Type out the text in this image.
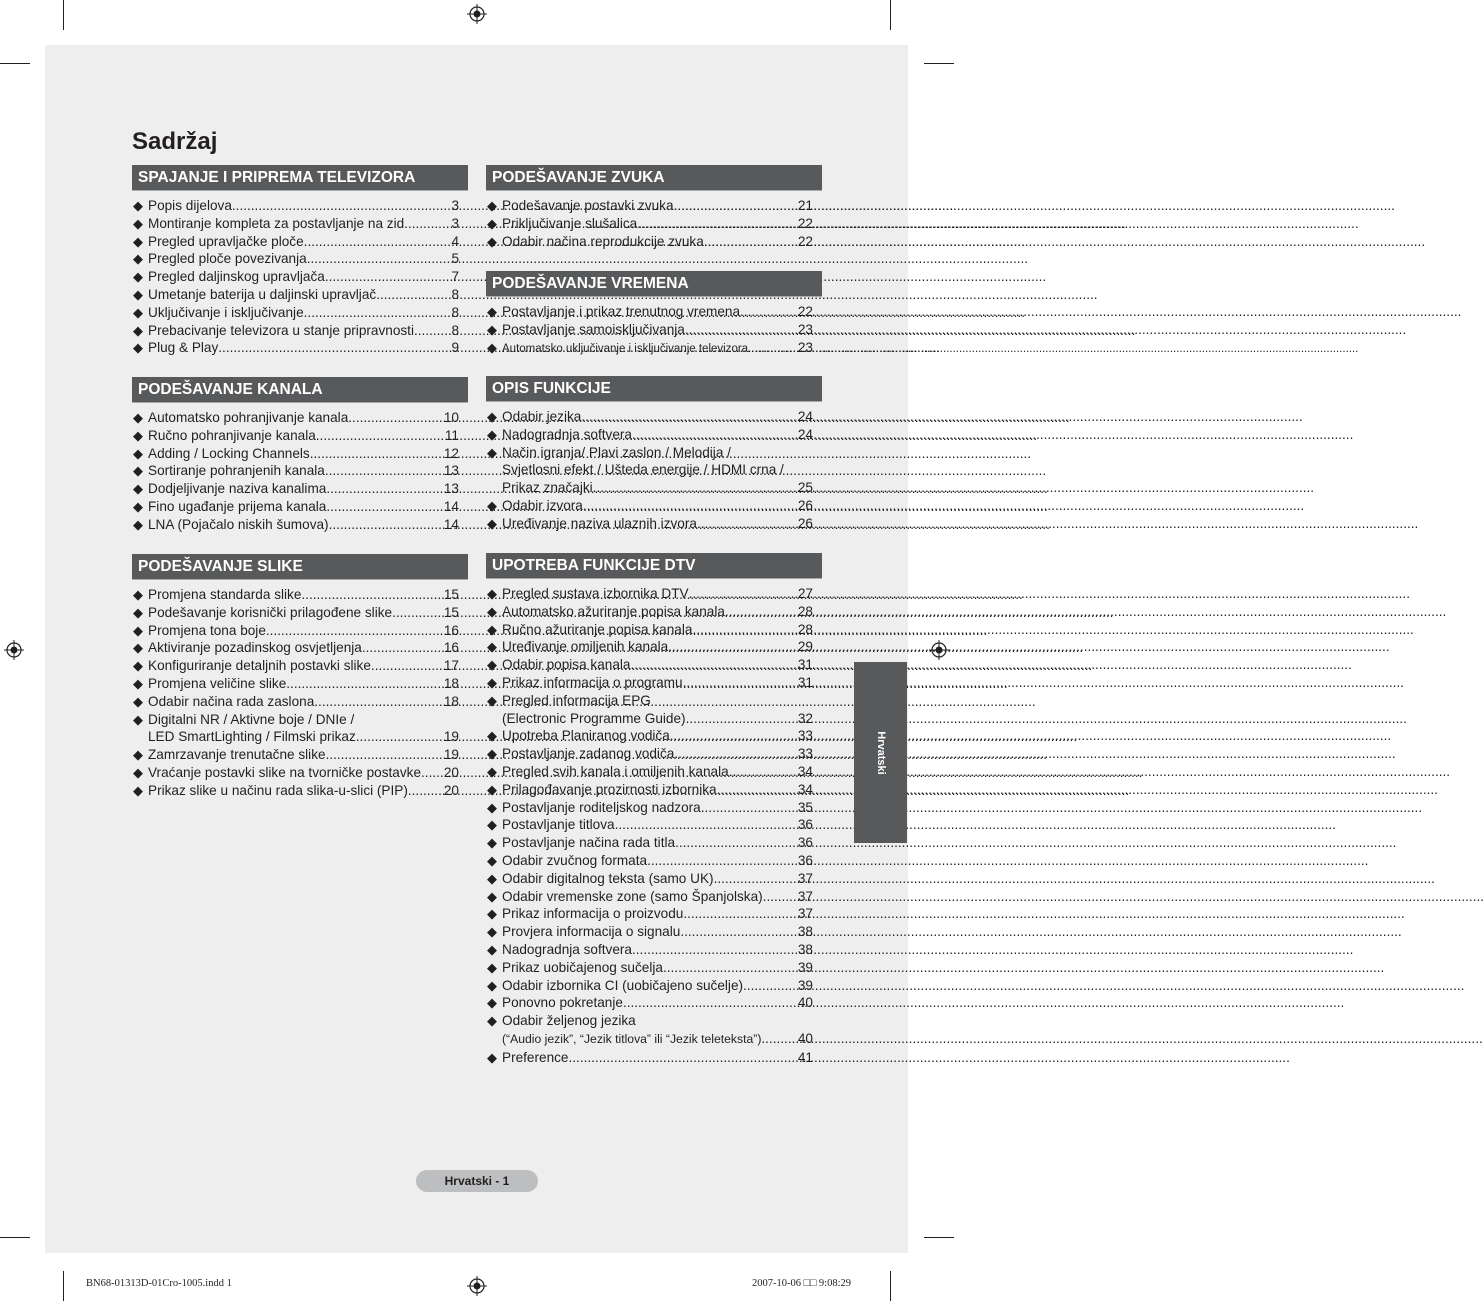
Sadržaj
SPAJANJE I PRIPREMA TELEVIZORA
◆ Popis dijelova .....	3
◆ Montiranje kompleta za postavljanje na zid .....	3
◆ Pregled upravljačke ploče .....	4
◆ Pregled ploče povezivanja .....	5
◆ Pregled daljinskog upravljača .....	7
◆ Umetanje baterija u daljinski upravljač .....	8
◆ Uključivanje i isključivanje .....	8
◆ Prebacivanje televizora u stanje pripravnosti .....	8
◆ Plug & Play .....	9
PODEŠAVANJE KANALA
◆ Automatsko pohranjivanje kanala .....	10
◆ Ručno pohranjivanje kanala .....	11
◆ Adding / Locking Channels .....	12
◆ Sortiranje pohranjenih kanala .....	13
◆ Dodjeljivanje naziva kanalima .....	13
◆ Fino ugađanje prijema kanala .....	14
◆ LNA (Pojačalo niskih šumova) .....	14
PODEŠAVANJE SLIKE
◆ Promjena standarda slike .....	15
◆ Podešavanje korisnički prilagođene slike .....	15
◆ Promjena tona boje .....	16
◆ Aktiviranje pozadinskog osvjetljenja .....	16
◆ Konfiguriranje detaljnih postavki slike .....	17
◆ Promjena veličine slike .....	18
◆ Odabir načina rada zaslona .....	18
◆ Digitalni NR / Aktivne boje / DNIe /
LED SmartLighting / Filmski prikaz .....	19
◆ Zamrzavanje trenutačne slike .....	19
◆ Vraćanje postavki slike na tvorničke postavke ..... 20
◆ Prikaz slike u načinu rada slika-u-slici (PIP) .....	20
PODEŠAVANJE ZVUKA
◆ Podešavanje postavki zvuka .....	21
◆ Priključivanje slušalica .....	22
◆ Odabir načina reprodukcije zvuka .....	22
PODEŠAVANJE VREMENA
◆ Postavljanje i prikaz trenutnog vremena .....	22
◆ Postavljanje samoisključivanja .....	23
◆ Automatsko uključivanje i isključivanje televizora .....	23
OPIS FUNKCIJE
◆ Odabir jezika .....	24
◆ Nadogradnja softvera .....	24
◆ Način igranja/ Plavi zaslon / Melodija /
Svjetlosni efekt / Ušteda energije / HDMI crna /
Prikaz značajki .....	25
◆ Odabir izvora .....	26
◆ Uređivanje naziva ulaznih izvora .....	26
UPOTREBA FUNKCIJE DTV
◆ Pregled sustava izbornika DTV .....	27
◆ Automatsko ažuriranje popisa kanala .....	28
◆ Ručno ažuriranje popisa kanala .....	28
◆ Uređivanje omiljenih kanala .....	29
◆ Odabir popisa kanala .....	31
◆ Prikaz informacija o programu .....	31
◆ Pregled informacija EPG
(Electronic Programme Guide) .....	32
◆ Upotreba Planiranog vodiča .....	33
◆ Postavljanje zadanog vodiča .....	33
◆ Pregled svih kanala i omiljenih kanala .....	34
◆ Prilagođavanje prozirnosti izbornika .....	34
◆ Postavljanje roditeljskog nadzora .....	35
◆ Postavljanje titlova .....	36
◆ Postavljanje načina rada titla .....	36
◆ Odabir zvučnog formata .....	36
◆ Odabir digitalnog teksta (samo UK) .....	37
◆ Odabir vremenske zone (samo Španjolska) .....	37
◆ Prikaz informacija o proizvodu .....	37
◆ Provjera informacija o signalu .....	38
◆ Nadogradnja softvera .....	38
◆ Prikaz uobičajenog sučelja .....	39
◆ Odabir izbornika CI (uobičajeno sučelje) .....	39
◆ Ponovno pokretanje .....	40
◆ Odabir željenog jezika
(“Audio jezik”, “Jezik titlova” ili “Jezik teleteksta”) .....	40
◆ Preference .....	41
Hrvatski
Hrvatski - 1
BN68-01313D-01Cro-1005.indd 1	2007-10-06 □□ 9:08:29
